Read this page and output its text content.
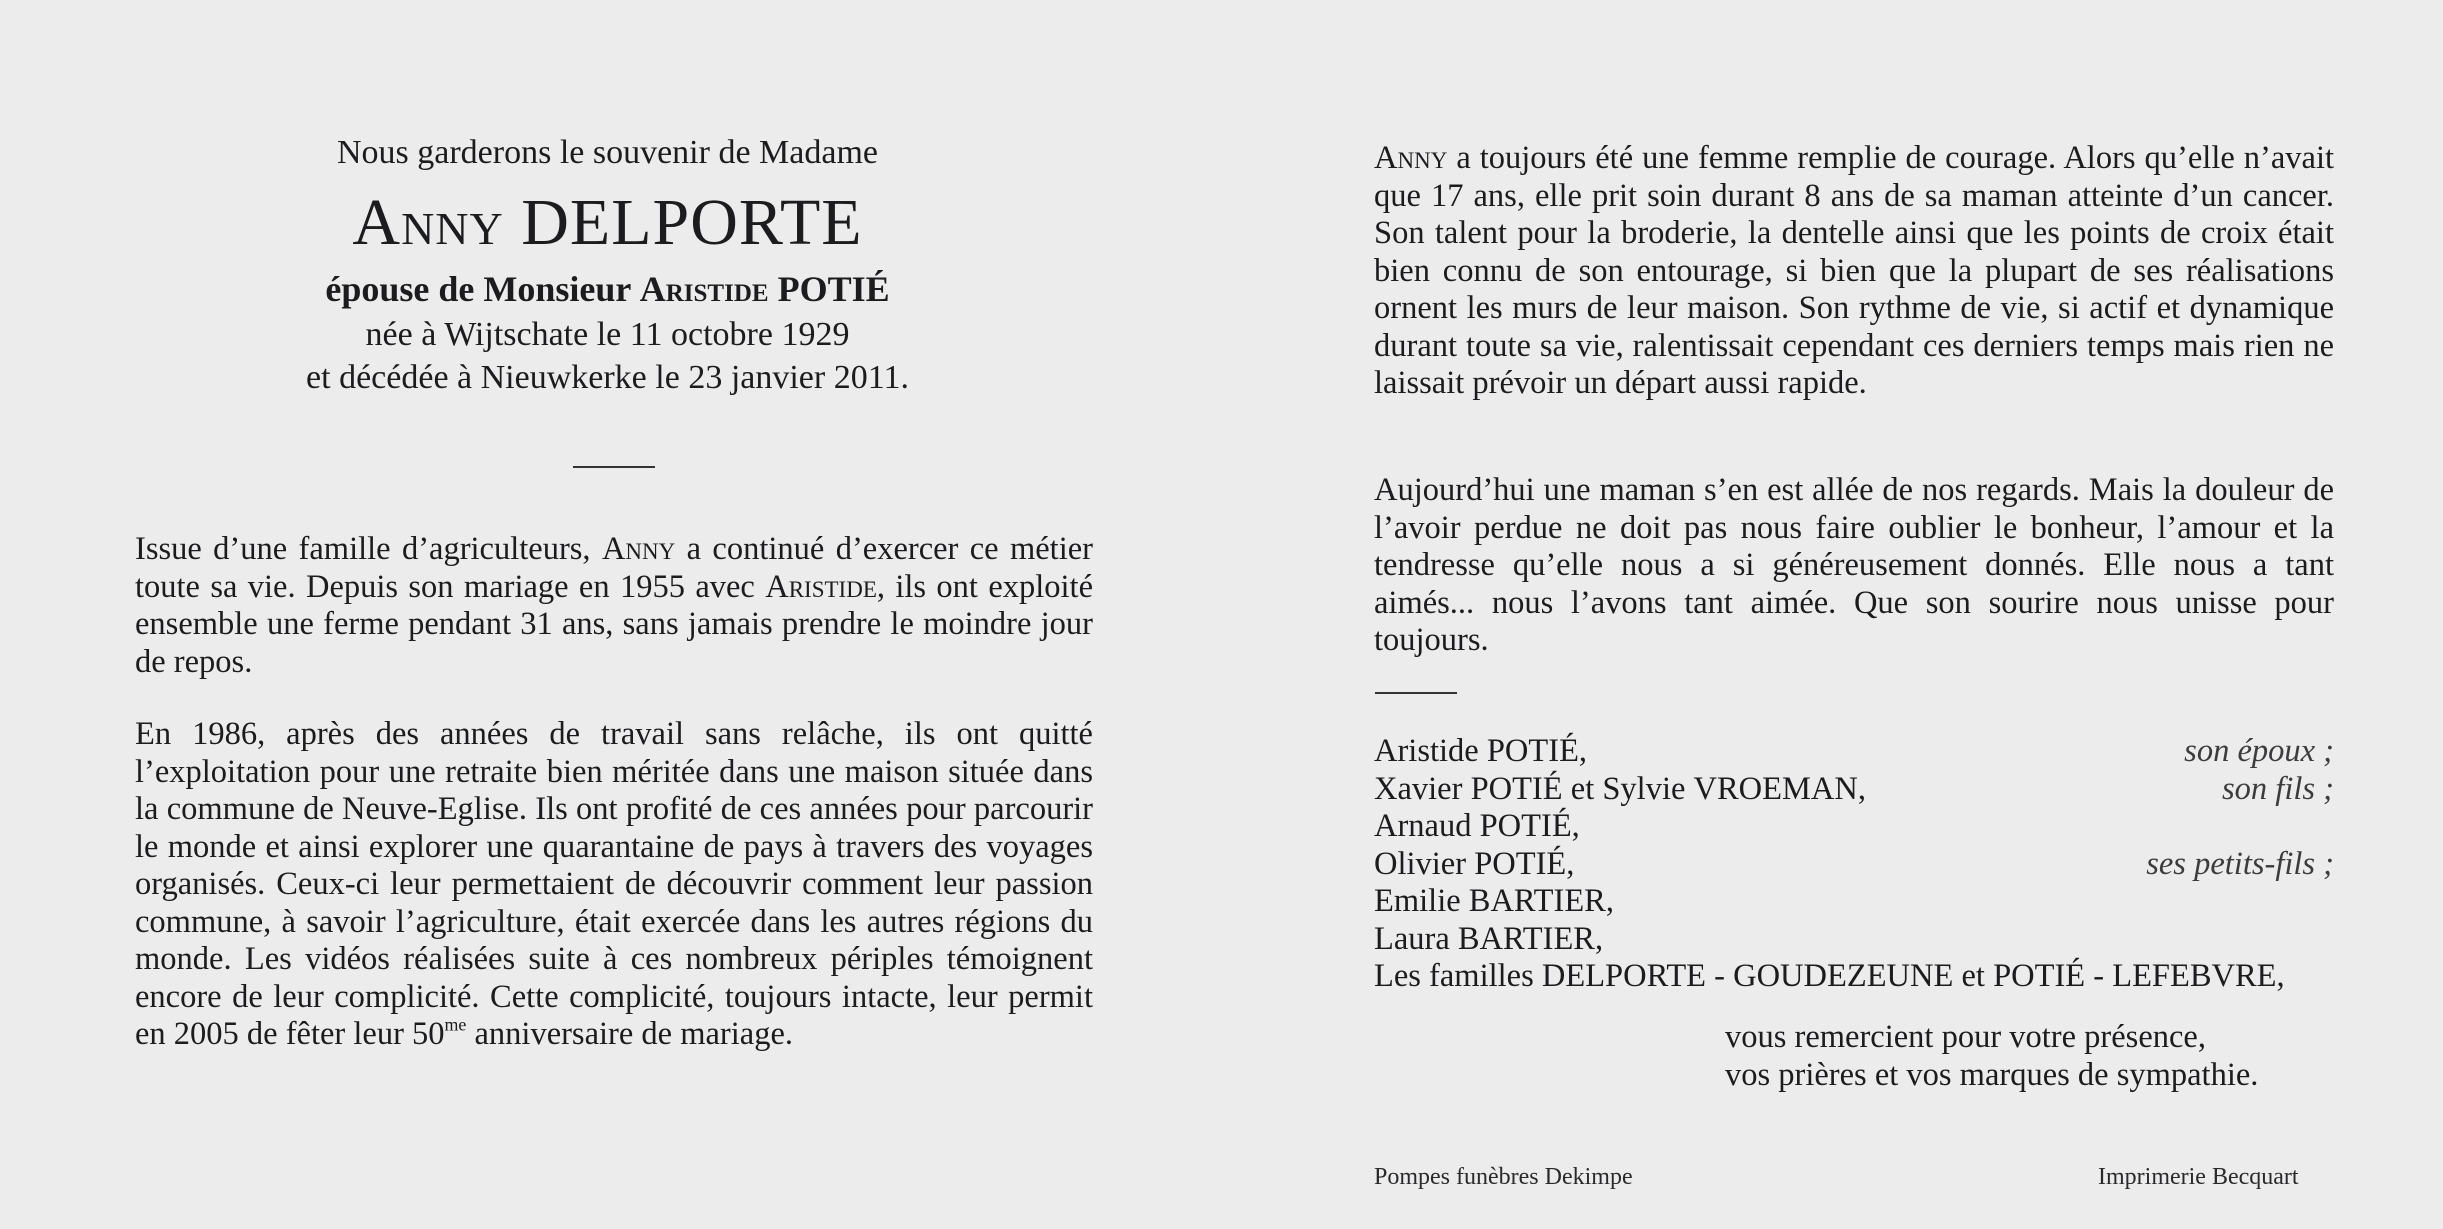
Nous garderons le souvenir de Madame
Anny DELPORTE
épouse de Monsieur Aristide POTIÉ
née à Wijtschate le 11 octobre 1929
et décédée à Nieuwkerke le 23 janvier 2011.

Issue d’une famille d’agriculteurs, Anny a continué d’exercer ce métier toute sa vie. Depuis son mariage en 1955 avec Aristide, ils ont exploité ensemble une ferme pendant 31 ans, sans jamais prendre le moindre jour de repos.

En 1986, après des années de travail sans relâche, ils ont quitté l’exploitation pour une retraite bien méritée dans une maison située dans la commune de Neuve-Eglise. Ils ont profité de ces années pour parcourir le monde et ainsi explorer une quarantaine de pays à travers des voyages organisés. Ceux-ci leur permettaient de découvrir comment leur passion commune, à savoir l’agriculture, était exercée dans les autres régions du monde. Les vidéos réalisées suite à ces nombreux périples témoignent encore de leur complicité. Cette complicité, toujours intacte, leur permit en 2005 de fêter leur $50^{me}$ anniversaire de mariage.

Anny a toujours été une femme remplie de courage. Alors qu’elle n’avait que 17 ans, elle prit soin durant 8 ans de sa maman atteinte d’un cancer. Son talent pour la broderie, la dentelle ainsi que les points de croix était bien connu de son entourage, si bien que la plupart de ses réalisations ornent les murs de leur maison. Son rythme de vie, si actif et dynamique durant toute sa vie, ralentissait cependant ces derniers temps mais rien ne laissait prévoir un départ aussi rapide.

Aujourd’hui une maman s’en est allée de nos regards. Mais la douleur de l’avoir perdue ne doit pas nous faire oublier le bonheur, l’amour et la tendresse qu’elle nous a si généreusement donnés. Elle nous a tant aimés... nous l’avons tant aimée. Que son sourire nous unisse pour toujours.

Aristide POTIÉ,	son époux ;
Xavier POTIÉ et Sylvie VROEMAN,	son fils ;
Arnaud POTIÉ,
Olivier POTIÉ,	ses petits-fils ;
Emilie BARTIER,
Laura BARTIER,
Les familles DELPORTE - GOUDEZEUNE et POTIÉ - LEFEBVRE,
vous remercient pour votre présence,
vos prières et vos marques de sympathie.
Pompes funèbres Dekimpe	Imprimerie Becquart
